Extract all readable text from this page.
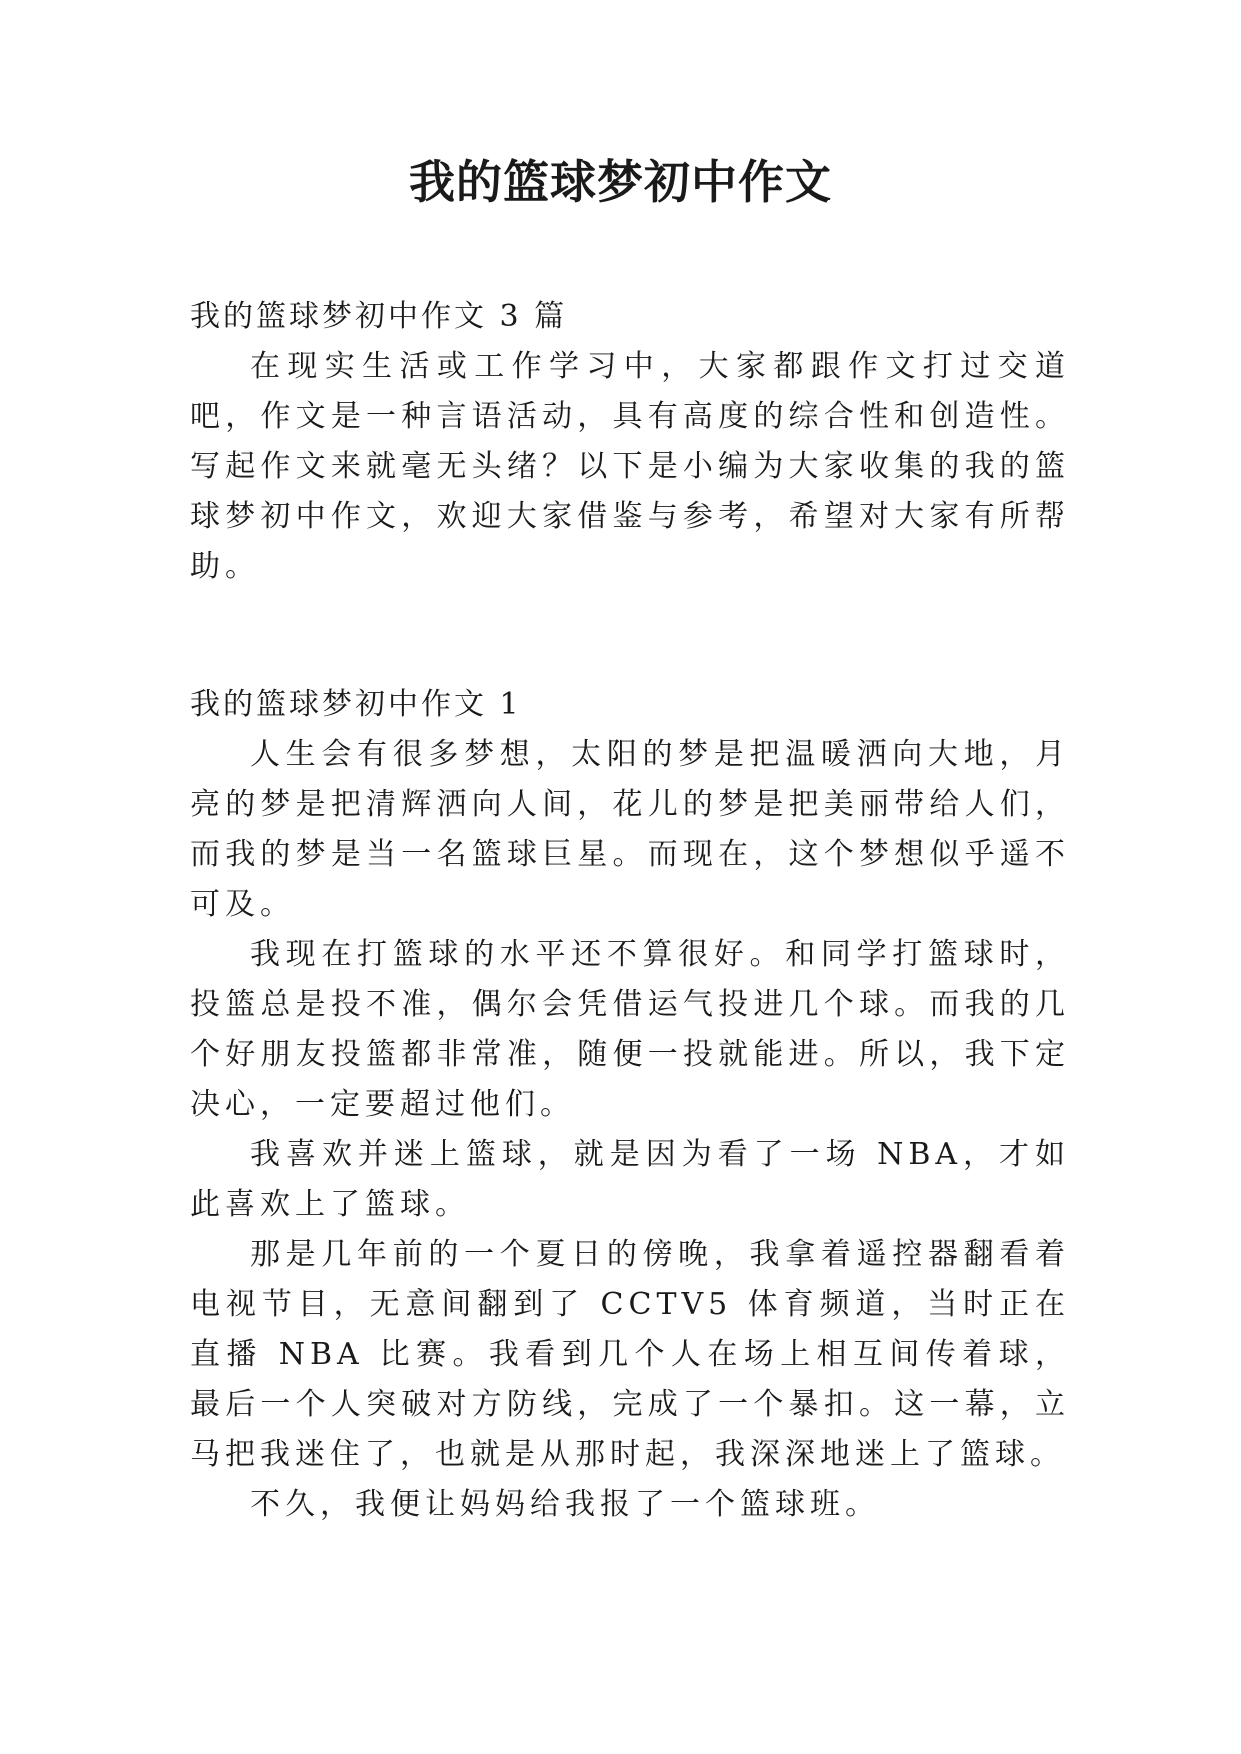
我的篮球梦初中作文

我的篮球梦初中作文 3 篇

在现实生活或工作学习中，大家都跟作文打过交道吧，作文是一种言语活动，具有高度的综合性和创造性。写起作文来就毫无头绪？以下是小编为大家收集的我的篮球梦初中作文，欢迎大家借鉴与参考，希望对大家有所帮助。

我的篮球梦初中作文 1

人生会有很多梦想，太阳的梦是把温暖洒向大地，月亮的梦是把清辉洒向人间，花儿的梦是把美丽带给人们，而我的梦是当一名篮球巨星。而现在，这个梦想似乎遥不可及。

我现在打篮球的水平还不算很好。和同学打篮球时，投篮总是投不准，偶尔会凭借运气投进几个球。而我的几个好朋友投篮都非常准，随便一投就能进。所以，我下定决心，一定要超过他们。

我喜欢并迷上篮球，就是因为看了一场 NBA，才如此喜欢上了篮球。

那是几年前的一个夏日的傍晚，我拿着遥控器翻看着电视节目，无意间翻到了 CCTV5 体育频道，当时正在直播 NBA 比赛。我看到几个人在场上相互间传着球，最后一个人突破对方防线，完成了一个暴扣。这一幕，立马把我迷住了，也就是从那时起，我深深地迷上了篮球。

不久，我便让妈妈给我报了一个篮球班。
